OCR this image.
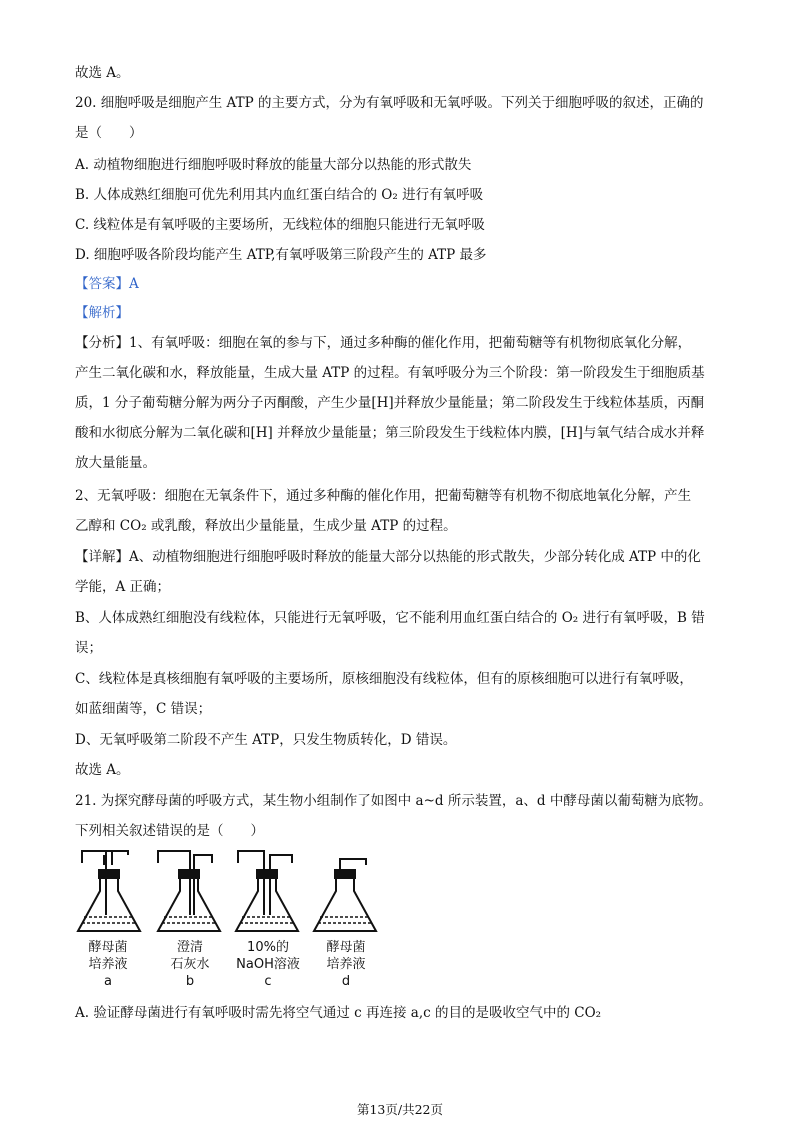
故选 A。
20. 细胞呼吸是细胞产生 ATP 的主要方式，分为有氧呼吸和无氧呼吸。下列关于细胞呼吸的叙述，正确的
是（　　）
A. 动植物细胞进行细胞呼吸时释放的能量大部分以热能的形式散失
B. 人体成熟红细胞可优先利用其内血红蛋白结合的 O₂ 进行有氧呼吸
C. 线粒体是有氧呼吸的主要场所，无线粒体的细胞只能进行无氧呼吸
D. 细胞呼吸各阶段均能产生 ATP,有氧呼吸第三阶段产生的 ATP 最多
【答案】A
【解析】
【分析】1、有氧呼吸：细胞在氧的参与下，通过多种酶的催化作用，把葡萄糖等有机物彻底氧化分解，
产生二氧化碳和水，释放能量，生成大量 ATP 的过程。有氧呼吸分为三个阶段：第一阶段发生于细胞质基
质，1 分子葡萄糖分解为两分子丙酮酸，产生少量[H]并释放少量能量；第二阶段发生于线粒体基质，丙酮
酸和水彻底分解为二氧化碳和[H] 并释放少量能量；第三阶段发生于线粒体内膜，[H]与氧气结合成水并释
放大量能量。
2、无氧呼吸：细胞在无氧条件下，通过多种酶的催化作用，把葡萄糖等有机物不彻底地氧化分解，产生
乙醇和 CO₂ 或乳酸，释放出少量能量，生成少量 ATP 的过程。
【详解】A、动植物细胞进行细胞呼吸时释放的能量大部分以热能的形式散失，少部分转化成 ATP 中的化
学能，A 正确；
B、人体成熟红细胞没有线粒体，只能进行无氧呼吸，它不能利用血红蛋白结合的 O₂ 进行有氧呼吸，B 错
误；
C、线粒体是真核细胞有氧呼吸的主要场所，原核细胞没有线粒体，但有的原核细胞可以进行有氧呼吸，
如蓝细菌等，C 错误；
D、无氧呼吸第二阶段不产生 ATP，只发生物质转化，D 错误。
故选 A。
21. 为探究酵母菌的呼吸方式，某生物小组制作了如图中 a~d 所示装置，a、d 中酵母菌以葡萄糖为底物。
下列相关叙述错误的是（　　）
酵母菌
培养液
a
澄清
石灰水
b
10%的
NaOH溶液
c
酵母菌
培养液
d
A. 验证酵母菌进行有氧呼吸时需先将空气通过 c 再连接 a,c 的目的是吸收空气中的 CO₂
第13页/共22页
